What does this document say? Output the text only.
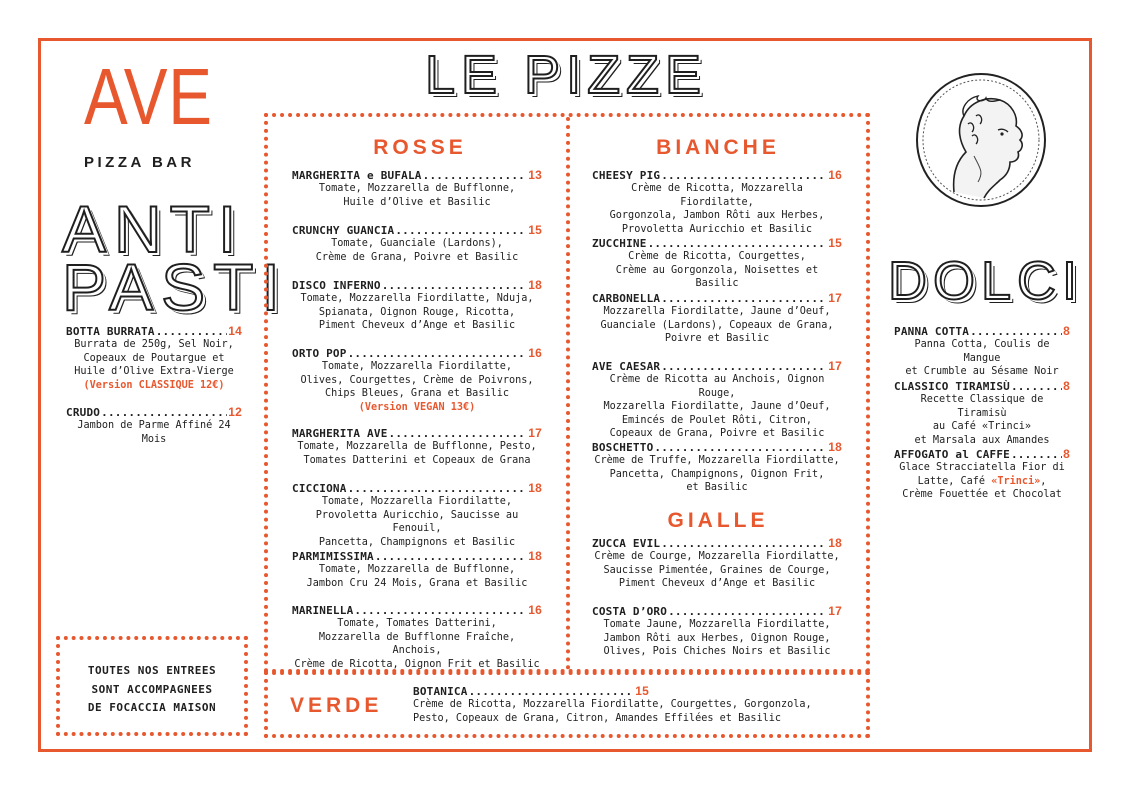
AVE
PIZZA BAR
LE PIZZE
ANTI
PASTI	DOLCI
BOTTA BURRATA .....	14
Burrata de 250g, Sel Noir,
Copeaux de Poutargue et
Huile d’Olive Extra-Vierge
(Version CLASSIQUE 12€)
CRUDO .....	12
Jambon de Parme Affiné 24 Mois
TOUTES NOS ENTREES
SONT ACCOMPAGNEES
DE FOCACCIA MAISON
ROSSE	BIANCHE
GIALLE
VERDE
MARGHERITA e BUFALA .....	13
Tomate, Mozzarella de Bufflonne,
Huile d’Olive et Basilic
CRUNCHY GUANCIA .....	15
Tomate, Guanciale (Lardons),
Crème de Grana, Poivre et Basilic
DISCO INFERNO .....	18
Tomate, Mozzarella Fiordilatte, Nduja,
Spianata, Oignon Rouge, Ricotta,
Piment Cheveux d’Ange et Basilic
ORTO POP .....	16
Tomate, Mozzarella Fiordilatte,
Olives, Courgettes, Crème de Poivrons,
Chips Bleues, Grana et Basilic
(Version VEGAN 13€)
MARGHERITA AVE .....	17
Tomate, Mozzarella de Bufflonne, Pesto,
Tomates Datterini et Copeaux de Grana
CICCIONA .....	18
Tomate, Mozzarella Fiordilatte,
Provoletta Auricchio, Saucisse au Fenouil,
Pancetta, Champignons et Basilic
PARMIMISSIMA .....	18
Tomate, Mozzarella de Bufflonne,
Jambon Cru 24 Mois, Grana et Basilic
MARINELLA .....	16
Tomate, Tomates Datterini,
Mozzarella de Bufflonne Fraîche, Anchois,
Crème de Ricotta, Oignon Frit et Basilic
CHEESY PIG .....	16
Crème de Ricotta, Mozzarella Fiordilatte,
Gorgonzola, Jambon Rôti aux Herbes,
Provoletta Auricchio et Basilic
ZUCCHINE .....	15
Crème de Ricotta, Courgettes,
Crème au Gorgonzola, Noisettes et Basilic
CARBONELLA .....	17
Mozzarella Fiordilatte, Jaune d’Oeuf,
Guanciale (Lardons), Copeaux de Grana,
Poivre et Basilic
AVE CAESAR .....	17
Crème de Ricotta au Anchois, Oignon Rouge,
Mozzarella Fiordilatte, Jaune d’Oeuf,
Emincés de Poulet Rôti, Citron,
Copeaux de Grana, Poivre et Basilic
BOSCHETTO .....	18
Crème de Truffe, Mozzarella Fiordilatte,
Pancetta, Champignons, Oignon Frit,
et Basilic
ZUCCA EVIL .....	18
Crème de Courge, Mozzarella Fiordilatte,
Saucisse Pimentée, Graines de Courge,
Piment Cheveux d’Ange et Basilic
COSTA D’ORO .....	17
Tomate Jaune, Mozzarella Fiordilatte,
Jambon Rôti aux Herbes, Oignon Rouge,
Olives, Pois Chiches Noirs et Basilic
BOTANICA .....	15
Crème de Ricotta, Mozzarella Fiordilatte, Courgettes, Gorgonzola,
Pesto, Copeaux de Grana, Citron, Amandes Effilées et Basilic
PANNA COTTA .....	8
Panna Cotta, Coulis de Mangue
et Crumble au Sésame Noir
CLASSICO TIRAMISÙ .....	8
Recette Classique de Tiramisù
au Café «Trinci»
et Marsala aux Amandes
AFFOGATO al CAFFE .....	8
Glace Stracciatella Fior di
Latte, Café «Trinci»,
Crème Fouettée et Chocolat
